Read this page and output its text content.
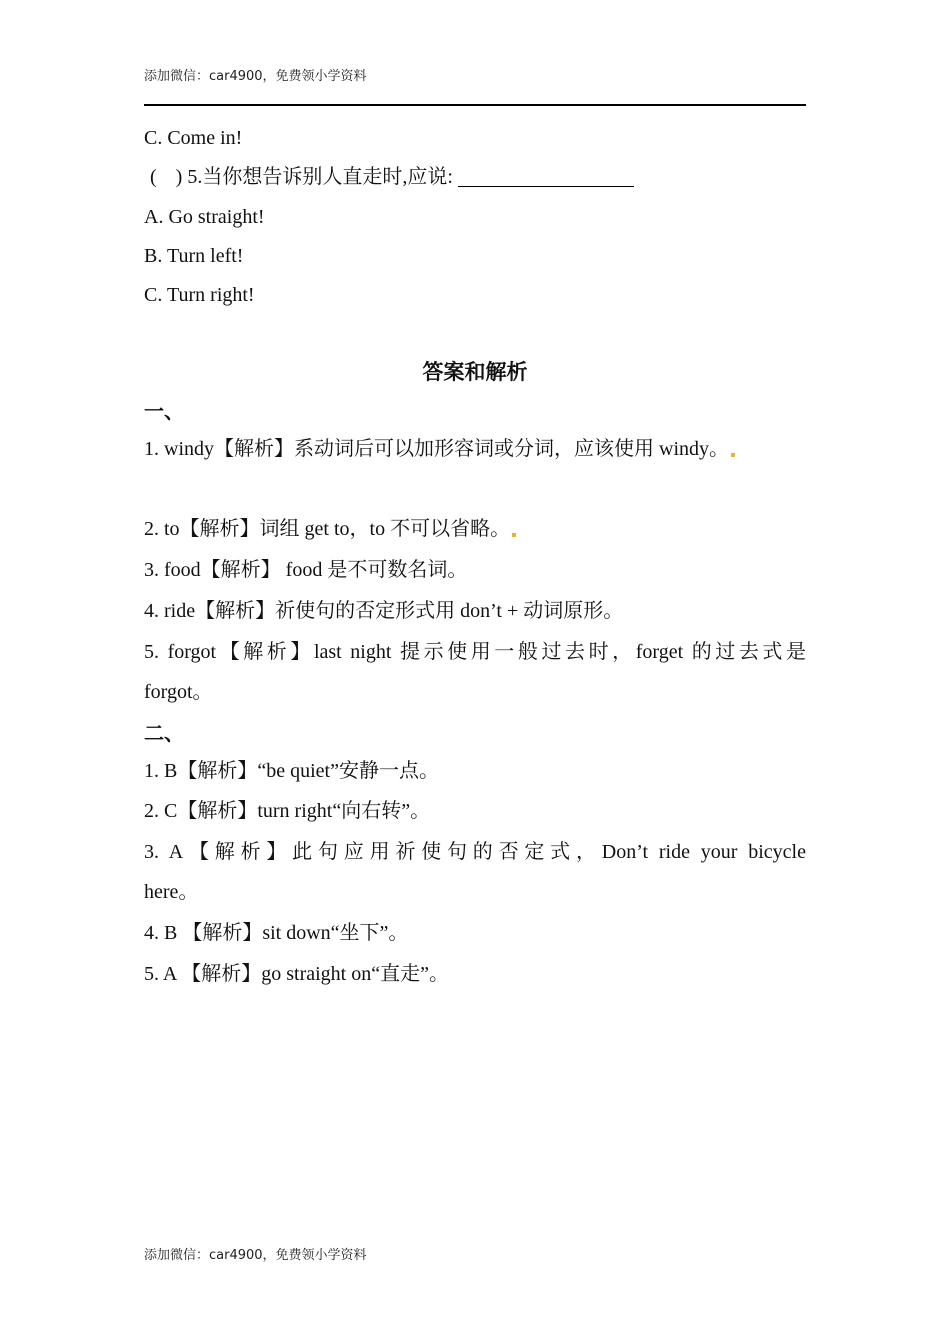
添加微信：car4900，免费领小学资料
C. Come in!
( ) 5.当你想告诉别人直走时,应说:
A. Go straight!
B. Turn left!
C. Turn right!
答案和解析
一、
1. windy【解析】系动词后可以加形容词或分词，应该使用 windy。
2. to【解析】词组 get to，to 不可以省略。
3. food【解析】 food 是不可数名词。
4. ride【解析】祈使句的否定形式用 don’t + 动词原形。
5. forgot【解析】last night 提示使用一般过去时，forget 的过去式是
forgot。
二、
1. B【解析】“be quiet”安静一点。
2. C【解析】turn right“向右转”。
3. A【解析】此句应用祈使句的否定式，Don’t ride your bicycle
here。
4. B 【解析】sit down“坐下”。
5. A 【解析】go straight on“直走”。
添加微信：car4900，免费领小学资料
